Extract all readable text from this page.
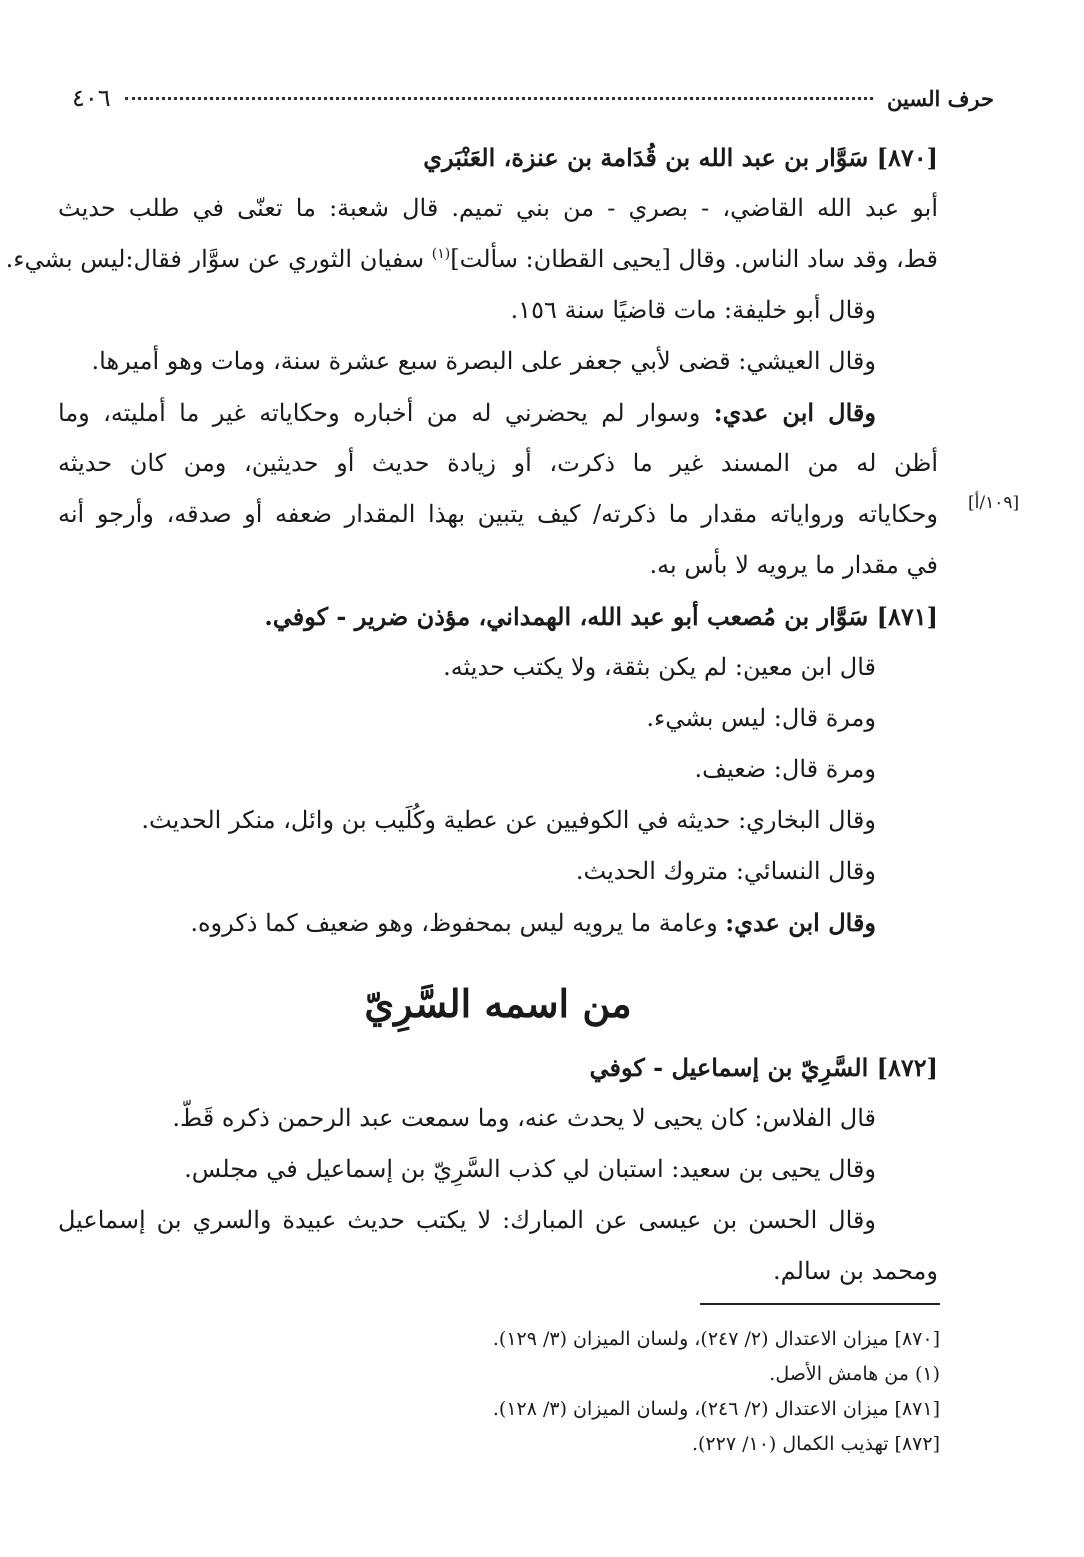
٤٠٦	حرف السين
[١٠٩/أ]
[٨٧٠] سَوَّار بن عبد الله بن قُدَامة بن عنزة، العَنْبَري
أبو عبد الله القاضي، - بصري - من بني تميم. قال شعبة: ما تعنّى في طلب حديث
قط، وقد ساد الناس. وقال [يحيى القطان: سألت]$^{(١)}$ سفيان الثوري عن سوَّار فقال:ليس بشيء.
وقال أبو خليفة: مات قاضيًا سنة ١٥٦.
وقال العيشي: قضى لأبي جعفر على البصرة سبع عشرة سنة، ومات وهو أميرها.
وقال ابن عدي: وسوار لم يحضرني له من أخباره وحكاياته غير ما أمليته، وما
أظن له من المسند غير ما ذكرت، أو زيادة حديث أو حديثين، ومن كان حديثه
وحكاياته ورواياته مقدار ما ذكرته/ كيف يتبين بهذا المقدار ضعفه أو صدقه، وأرجو أنه
في مقدار ما يرويه لا بأس به.
[٨٧١] سَوَّار بن مُصعب أبو عبد الله، الهمداني، مؤذن ضرير - كوفي.
قال ابن معين: لم يكن بثقة، ولا يكتب حديثه.
ومرة قال: ليس بشيء.
ومرة قال: ضعيف.
وقال البخاري: حديثه في الكوفيين عن عطية وكُلَيب بن وائل، منكر الحديث.
وقال النسائي: متروك الحديث.
وقال ابن عدي: وعامة ما يرويه ليس بمحفوظ، وهو ضعيف كما ذكروه.
من اسمه السَّرِيّ
[٨٧٢] السَّرِيّ بن إسماعيل - كوفي
قال الفلاس: كان يحيى لا يحدث عنه، وما سمعت عبد الرحمن ذكره قَطّ.
وقال يحيى بن سعيد: استبان لي كذب السَّرِيّ بن إسماعيل في مجلس.
وقال الحسن بن عيسى عن المبارك: لا يكتب حديث عبيدة والسري بن إسماعيل
ومحمد بن سالم.
[٨٧٠] ميزان الاعتدال (٢/ ٢٤٧)، ولسان الميزان (٣/ ١٢٩).
(١) من هامش الأصل.
[٨٧١] ميزان الاعتدال (٢/ ٢٤٦)، ولسان الميزان (٣/ ١٢٨).
[٨٧٢] تهذيب الكمال (١٠/ ٢٢٧).
